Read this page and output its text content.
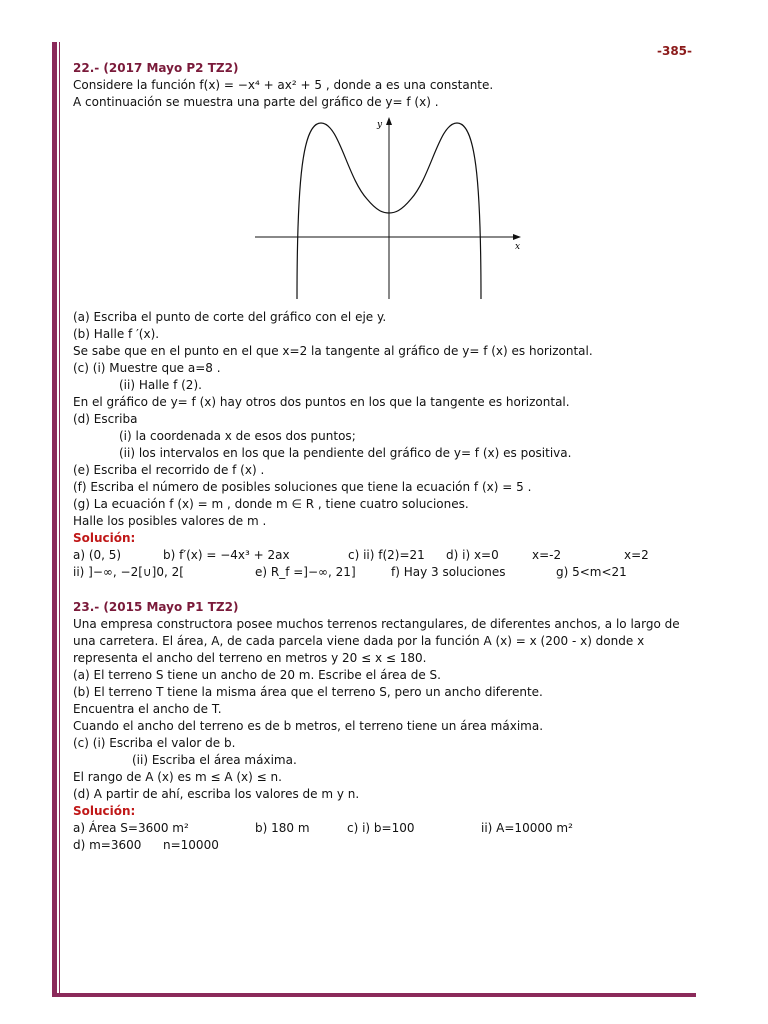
-385-
22.- (2017 Mayo P2 TZ2)
Considere la función f(x) = −x⁴ + ax² + 5 , donde a es una constante.
A continuación se muestra una parte del gráfico de y= f (x) .
y
x
(a) Escriba el punto de corte del gráfico con el eje y.
(b) Halle f ′(x).
Se sabe que en el punto en el que x=2 la tangente al gráfico de y= f (x) es horizontal.
(c) (i) Muestre que a=8 .
(ii) Halle f (2).
En el gráfico de y= f (x) hay otros dos puntos en los que la tangente es horizontal.
(d) Escriba
(i) la coordenada x de esos dos puntos;
(ii) los intervalos en los que la pendiente del gráfico de y= f (x) es positiva.
(e) Escriba el recorrido de f (x) .
(f) Escriba el número de posibles soluciones que tiene la ecuación f (x) = 5 .
(g) La ecuación f (x) = m , donde m ∈ R , tiene cuatro soluciones.
Halle los posibles valores de m .
Solución:
a) (0, 5)	b) f′(x) = −4x³ + 2ax	c) ii) f(2)=21 d) i) x=0	x=-2	x=2
ii) ]−∞, −2[∪]0, 2[	e) R_f =]−∞, 21]	f) Hay 3 soluciones	g) 5<m<21
23.- (2015 Mayo P1 TZ2)
Una empresa constructora posee muchos terrenos rectangulares, de diferentes anchos, a lo largo de
una carretera. El área, A, de cada parcela viene dada por la función A (x) = x (200 - x) donde x
representa el ancho del terreno en metros y 20 ≤ x ≤ 180.
(a) El terreno S tiene un ancho de 20 m. Escribe el área de S.
(b) El terreno T tiene la misma área que el terreno S, pero un ancho diferente.
Encuentra el ancho de T.
Cuando el ancho del terreno es de b metros, el terreno tiene un área máxima.
(c) (i) Escriba el valor de b.
(ii) Escriba el área máxima.
El rango de A (x) es m ≤ A (x) ≤ n.
(d) A partir de ahí, escriba los valores de m y n.
Solución:
a) Área S=3600 m²	b) 180 m	c) i) b=100	ii) A=10000 m²
d) m=3600 n=10000
